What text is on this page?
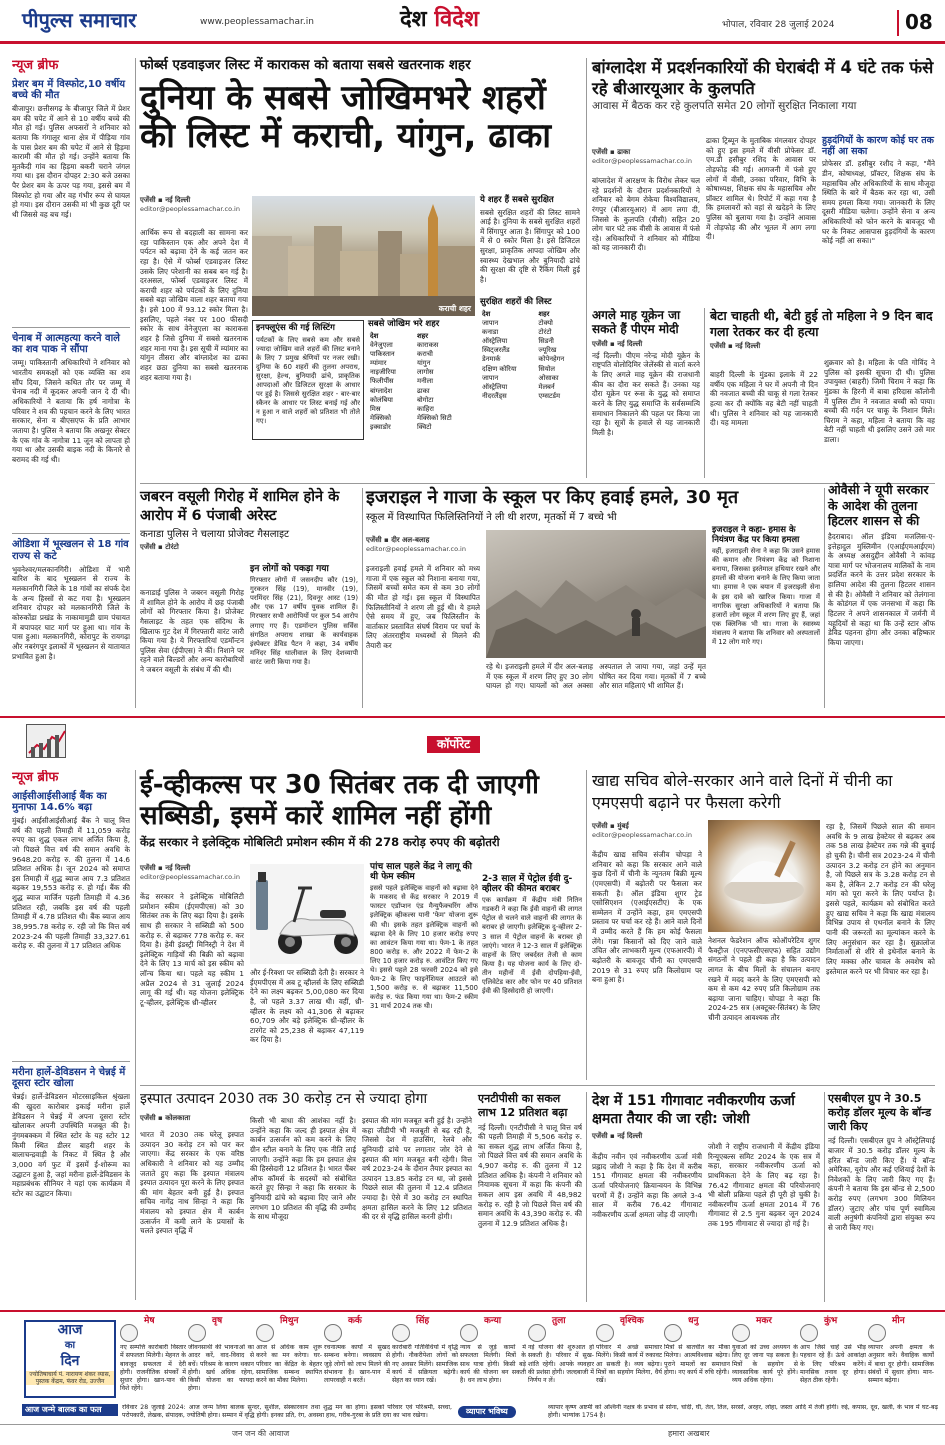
पीपुल्स समाचार	www.peoplessamachar.in	देश विदेश	भोपाल, रविवार 28 जुलाई 2024	08
न्यूज ब्रीफ
प्रेशर बम में विस्फोट,10 वर्षीय बच्चे की मौत
बीजापुर। छत्तीसगढ़ के बीजापुर जिले में प्रेशर बम की चपेट में आने से 10 वर्षीय बच्चे की मौत हो गई। पुलिस अफसरों ने शनिवार को बताया कि गंगालूर थाना क्षेत्र में पीड़िया गांव के पास प्रेशर बम की चपेट में आने से हिड़मा कारामी की मौत हो गई। उन्होंने बताया कि मुतकैदी गांव का हिड़मा बकरी चराने जंगल गया था। इस दौरान दोपहर 2:30 बजे उसका पैर प्रेशर बम के ऊपर पड़ गया, इससे बम में विस्फोट हो गया और वह गंभीर रूप से घायल हो गया। इस दौरान उसकी मां भी कुछ दूरी पर थी जिससे वह बच गई।
चेनाब में आत्महत्या करने वाले का शव पाक ने सौंपा
जम्मू। पाकिस्तानी अधिकारियों ने शनिवार को भारतीय समकक्षों को एक व्यक्ति का शव सौंप दिया, जिसने कथित तौर पर जम्मू में चेनाब नदी में कूदकर अपनी जान दे दी थी। अधिकारियों ने बताया कि हर्ष नागोत्रा के परिवार ने शव की पहचान करने के लिए भारत सरकार, सेना व बीएसएफ के प्रति आभार जताया है। पुलिस ने बताया कि अखनूर सेक्टर के एक गांव के नागोत्रा 11 जून को लापता हो गया था और उसकी बाइक नदी के किनारे से बरामद की गई थी।
ओडिशा में भूस्खलन से 18 गांव राज्य से कटे
भुवनेश्वर/मलकानगिरी। ओडिशा में भारी बारिश के बाद भूस्खलन से राज्य के मलकानगिरी जिले के 18 गांवों का संपर्क देश के अन्य हिस्सों से कट गया है। भूस्खलन शनिवार दोपहर को मलकानगिरी जिले के कोरुकोंडा प्रखंड के नाकामामुडी ग्राम पंचायत में बपापदर घाट मार्ग पर हुआ था। गांव के पास हुआ। मलकानगिरी, कोरापुट के रायगढ़ा और नबरंगपुर इलाकों में भूस्खलन से यातायात प्रभावित हुआ है।
फोर्ब्स एडवाइजर लिस्ट में काराकस को बताया सबसे खतरनाक शहर
दुनिया के सबसे जोखिमभरे शहरों की लिस्ट में कराची, यांगुन, ढाका
एजेंसी ▪ नई दिल्ली
editor@peoplessamachar.co.in
आर्थिक रूप से बदहाली का सामना कर रहा पाकिस्तान एक और अपने देश में पर्यटन को बढ़ावा देने के कई जतन कर रहा है। ऐसे में फोर्ब्स एडवाइजर लिस्ट उसके लिए परेशानी का सबब बन गई है। दरअसल, फोर्ब्स एडवाइजर लिस्ट में कराची शहर को पर्यटकों के लिए दुनिया सबसे बड़ा जोखिम वाला शहर बताया गया है। इसे 100 में 93.12 स्कोर मिला है। इसलिए, पहले नंबर पर 100 फीसदी स्कोर के साथ वेनेजुएला का काराकस शहर है जिसे दुनिया में सबसे खतरनाक शहर माना गया है। इस सूची में म्यांमार का यांगुन तीसरा और बांग्लादेश का ढाका शहर छठा दुनिया का सबसे खतरनाक शहर बताया गया है।
कराची शहर
ये शहर हैं सबसे सुरक्षित
सबसे सुरक्षित शहरों की लिस्ट सामने आई है। दुनिया के सबसे सुरक्षित शहरों में सिंगापुर आता है। सिंगापुर को 100 में से 0 स्कोर मिला है। इसे डिजिटल सुरक्षा, प्राकृतिक आपदा जोखिम और स्वास्थ्य देखभाल और बुनियादी ढांचे की सुरक्षा की दृष्टि से रैंकिंग मिली हुई है।
इनफ्लूएंस की गई लिस्टिंग
पर्यटकों के लिए सबसे कम और सबसे ज्यादा जोखिम वाले शहरों की लिस्ट बनाने के लिए 7 प्रमुख श्रेणियों पर नजर रखी। दुनिया के 60 शहरों की तुलना अपराध, सुरक्षा, हेल्थ, बुनियादी ढांचे, प्राकृतिक आपदाओं और डिजिटल सुरक्षा के आधार पर हुई है। जिससे सुरक्षित शहर - बार-बार स्कैनर के आधार पर लिस्ट बनाई गई और न हुआ न वाले शहरों को प्रतिशत भी तोले गए।
सबसे जोखिम भरे शहर
देश	शहर
वेनेजुएला	काराकस
पाकिस्तान	कराची
म्यांमार	यांगुन
नाइजीरिया	लागोस
फिलीपींस	मनीला
बांग्लादेश	ढाका
कोलंबिया	बोगोटा
मिस्र	काहिरा
मेक्सिको	मेक्सिको सिटी
इक्वाडोर	क्विटो
सुरक्षित शहरों की लिस्ट
देश	शहर
जापान	टोक्यो
कनाडा	टोरंटो
ऑस्ट्रेलिया	सिडनी
स्विट्जरलैंड	ज्यूरिख
डेनमार्क	कोपेनहेगन
दक्षिण कोरिया	सियोल
जापान	ओसाका
ऑस्ट्रेलिया	मेलबर्न
नीदरलैंड्स	एम्सटर्डम
बांग्लादेश में प्रदर्शनकारियों की घेराबंदी में 4 घंटे तक फंसे रहे बीआरयूआर के कुलपति
आवास में बैठक कर रहे कुलपति समेत 20 लोगों सुरक्षित निकाला गया
एजेंसी ▪ ढाका
editor@peoplessamachar.co.in
बांग्लादेश में आरक्षण के विरोध लेकर चल रहे प्रदर्शनों के दौरान प्रदर्शनकारियों ने शनिवार को बेगम रोकेया विश्वविद्यालय, रंगपुर (बीआरयूआर) में आग लगा दी, जिससे के कुलपति (वीसी) सहित 20 लोग चार घंटे तक वीसी के आवास में फंसे रहे। अधिकारियों ने शनिवार को मीडिया को यह जानकारी दी।
ढाका ट्रिब्यून के मुताबिक मंगलवार दोपहर को हुए इस हमले में वीसी प्रोफेसर डॉ. एम.डी हसीबुर रशिद के आवास पर तोड़फोड़ की गई। आगजनी में फंसे हुए लोगों में वीसी, उनका परिवार, विभि के कोषाध्यक्ष, शिक्षक संघ के महासचिव और प्रॉक्टर शामिल थे। रिपोर्ट में कहा गया है कि हमलावरों को वहां से खदेड़ने के लिए पुलिस को बुलाया गया है। उन्होंने आवास में तोड़फोड़ की और भूतल में आग लगा दी।
हुड़दंगियों के कारण कोई घर तक नहीं आ सका
प्रोफेसर डॉ. हसीबुर रशीद ने कहा, "मैंने डीन, कोषाध्यक्ष, प्रॉक्टर, शिक्षक संघ के महासचिव और अधिकारियों के साथ मौजूदा स्थिति के बारे में बैठक कर रहा था, उसी समय हमला किया गया। जानकारी के लिए दूसरी मीडिया चलेगा। उन्होंने सेना व अन्य अधिकारियों को फोन करने के बावजूद भी घर के निकट आसपास हुड़दंगियों के कारण कोई नहीं आ सका।"
अगले माह यूक्रेन जा सकते हैं पीएम मोदी
एजेंसी ▪ नई दिल्ली
नई दिल्ली। पीएम नरेन्द्र मोदी यूक्रेन के राष्ट्रपति वोलोदिमिर जेलेंस्की से वार्ता करने के लिए अगले माह यूक्रेन की राजधानी कीव का दौरा कर सकते हैं। उनका यह दौरा यूक्रेन पर रूस के युद्ध को समाप्त करने के लिए युद्ध समाप्ति के सर्वसम्मत्यि समाधान निकालने की पहल पर किया जा रहा है। सूत्रों के हवाले से यह जानकारी मिली है।
बेटा चाहती थी, बेटी हुई तो महिला ने 9 दिन बाद गला रेतकर कर दी हत्या
एजेंसी ▪ नई दिल्ली
बाहरी दिल्ली के मुंडका इलाके में 22 वर्षीय एक महिला ने घर में अपनी नौ दिन की नवजात बच्ची की चाकू से गला रेतकर हत्या कर दी क्योंकि वह बेटी नहीं चाहती थी। पुलिस ने शनिवार को यह जानकारी दी। यह मामला
शुक्रवार को है। महिला के पति गोविंद ने पुलिस को इसकी सूचना दी थी। पुलिस उपायुक्त (बाहरी) जिमी चिराम ने कहा कि मुंडका के हिरनी में बाबा हरिदास कॉलोनी में पुलिस टीम ने नवजात बच्ची को पाया। बच्ची की गर्दन पर चाकू के निशान मिले। चिराम ने कहा, महिला ने बताया कि वह बेटी नहीं चाहती थी इसलिए उसने उसे मार डाला।
जबरन वसूली गिरोह में शामिल होने के आरोप में 6 पंजाबी अरेस्ट
कनाडा पुलिस ने चलाया प्रोजेक्ट गैसलाइट
एजेंसी ▪ टोरंटो
कनाडाई पुलिस ने जबरन वसूली गिरोह में शामिल होने के आरोप में छह पंजाबी लोगों को गिरफ्तार किया है। प्रोजेक्ट गैसलाइट के तहत एक संदिग्ध के खिलाफ गुट देश में गिरफ्तारी वारंट जारी किया गया है। ये गिरफ्तारियां एडमॉन्टन पुलिस सेवा (ईपीएस) ने कीं। निशाने पर रहने वाले बिल्डरों और अन्य कारोबारियों ने जबरन वसूली के संबंध में की थी।
इन लोगों को पकड़ा गया
गिरफ्तार लोगों में जसनदीप कौर (19), गुरकरन सिंह (19), मानवीर (19), परमिंदर सिंह (21), दिवनूर आस्ट (19) और एक 17 वर्षीय युवक शामिल हैं। गिरफ्तार सभी आरोपियों पर कुल 54 आरोप लगाए गए हैं। एडमॉन्टन पुलिस सर्विस संगठित अपराध शाखा के कार्यवाहक इंस्पेक्टर डेविड पैटन ने कहा, 34 वर्षीय मनिंदर सिंह धालीवाल के लिए देशव्यापी वारंट जारी किया गया है।
इजराइल ने गाजा के स्कूल पर किए हवाई हमले, 30 मृत
स्कूल में विस्थापित फिलिस्तिनियों ने ली थी शरण, मृतकों में 7 बच्चे भी
एजेंसी ▪ दीर अल-बलाह
editor@peoplessamachar.co.in
इजराइली हवाई हमले में शनिवार को मध्य गाजा में एक स्कूल को निशाना बनाया गया, जिसमें बच्चों समेत कम से कम 30 लोगों की मौत हो गई। इस स्कूल में विस्थापित फिलिस्तीनियों ने शरण ली हुई थी। ये हमले ऐसे समय में हुए, जब फिलिस्तीन के वार्ताकार प्रस्तावित संघर्ष विराम पर चर्चा के लिए अंतरराष्ट्रीय मध्यस्थों से मिलने की तैयारी कर
रहे थे। इजराइली हमले में दीर अल-बलाह में एक स्कूल में शरण लिए हुए 30 लोग घायल हो गए। घायलों को अल अक्सा अस्पताल ले जाया गया, जहां उन्हें मृत घोषित कर दिया गया। मृतकों में 7 बच्चे और सात महिलाएं भी शामिल हैं।
इजराइल ने कहा- हमास के नियंत्रण केंद्र पर किया हमला
वहीं, इजराइली सेना ने कहा कि उसने हमास की कमान और नियंत्रण केंद्र को निशाना बनाया, जिसका इस्तेमाल हथियार रखने और हमलों की योजना बनाने के लिए किया जाता था। हमास ने एक बयान में इजराइली सेना के इस दावे को खारिज किया। गाजा में नागरिक सुरक्षा अधिकारियों ने बताया कि हजारों लोग स्कूल में शरण लिए हुए हैं, जहां एक क्लिनिक भी था। गाजा के स्वास्थ्य मंत्रालय ने बताया कि शनिवार को अस्पतालों में 12 लोग मारे गए।
ओवैसी ने यूपी सरकार के आदेश की तुलना हिटलर शासन से की
हैदराबाद। ऑल इंडिया मजलिस-ए-इत्तेहादुल मुस्लिमीन (एआईएमआईएम) के अध्यक्ष असदुद्दीन ओवैसी ने कांवड़ यात्रा मार्ग पर भोजनालय मालिकों के नाम प्रदर्शित करने के उत्तर प्रदेश सरकार के हालिया आदेश की तुलना हिटलर शासन से की है। ओवैसी ने शनिवार को तेलंगाना के कोडंगल में एक जनसभा में कहा कि हिटलर ने अपने शासनकाल में जर्मनी में यहूदियों से कहा था कि उन्हें स्टार ऑफ डेविड पहनना होगा और उनका बहिष्कार किया जाएगा।
कॉर्पोरेट
न्यूज ब्रीफ
आईसीआईसीआई बैंक का मुनाफा 14.6% बढ़ा
मुंबई। आईसीआईसीआई बैंक ने चालू वित्त वर्ष की पहली तिमाही में 11,059 करोड़ रुपए का शुद्ध एकल लाभ अर्जित किया है, जो पिछले वित्त वर्ष की समान अवधि के 9648.20 करोड़ रु. की तुलना में 14.6 प्रतिशत अधिक है। जून 2024 को समाप्त इस तिमाही में शुद्ध ब्याज आय 7.3 प्रतिशत बढ़कर 19,553 करोड़ रु. हो गई। बैंक की शुद्ध ब्याज मार्जिन पहली तिमाही में 4.36 प्रतिशत रही, जबकि इस वर्ष की पहली तिमाही में 4.78 प्रतिशत थी। बैंक ब्याज आय 38,995.78 करोड़ रु. रही जो कि वित्त वर्ष 2023-24 की पहली तिमाही 33,327.61 करोड़ रु. की तुलना में 17 प्रतिशत अधिक
मरीना हार्ले-डेविडसन ने चेन्नई में दूसरा स्टोर खोला
चेन्नई। हार्ले-डेविडसन मोटरसाइकिल श्रृंखला की खुदरा कारोबार इकाई मरीना हार्ले डेविडसन ने चेन्नई में अपना दूसरा स्टोर खोलाकर अपनी उपस्थिति मजबूत की है। नुंगमबक्कम में स्थित स्टोर के यह स्टोर 12 किमी स्थित डीलर बाहरी शहर के बालाचन्द्रवाड़ी के निकट में स्थित है और 3,000 वर्ग फुट में इसमें ई-शोरूम का उद्घाटन हुआ है, जहां मरीना हार्ले-डेविडसन के महाप्रबंधक सीनियर ने यहां एक कार्यक्रम में स्टोर का उद्घाटन किया।
ई-व्हीकल्स पर 30 सितंबर तक दी जाएगी सब्सिडी, इसमें कारें शामिल नहीं होंगी
केंद्र सरकार ने इलेक्ट्रिक मोबिलिटी प्रमोशन स्कीम में की 278 करोड़ रुपए की बढ़ोतरी
एजेंसी ▪ नई दिल्ली
editor@peoplessamachar.co.in
केंद्र सरकार ने इलेक्ट्रिक मोबिलिटी प्रमोशन स्कीम (ईएमपीएस) को 30 सितंबर तक के लिए बढ़ा दिया है। इसके साथ ही सरकार ने सब्सिडी को 500 करोड़ रु. से बढ़ाकर 778 करोड़ रु. कर दिया है। हेवी इंडस्ट्री मिनिस्ट्री ने देश में इलेक्ट्रिक गाड़ियों की बिक्री को बढ़ावा देने के लिए 13 मार्च को इस स्कीम को लॉन्च किया था। पहले यह स्कीम 1 अप्रैल 2024 से 31 जुलाई 2024 लागू की गई थी। यह योजना इलेक्ट्रिक टू-व्हीलर, इलेक्ट्रिक थ्री-व्हीलर
और ई-रिक्शा पर सब्सिडी देती है। सरकार ने ईएमपीएस में अब टू व्हीलर्स के लिए सब्सिडी देने का लक्ष्य बढ़कर 5,00,080 कर दिया है, जो पहले 3.37 लाख थी। वहीं, थ्री-व्हीलर के लक्ष्य को 41,306 से बढ़ाकर 60,709 और बड़े इलेक्ट्रिक थ्री-व्हीलर के टारगेट को 25,238 से बढ़ाकर 47,119 कर दिया है।
पांच साल पहले केंद्र ने लागू की थी फेम स्कीम
इससे पहले इलेक्ट्रिक वाहनों को बढ़ावा देने के मकसद से केंद्र सरकार ने 2019 में फास्टर एडॉप्शन एंड मैन्युफैक्चरिंग ऑफ इलेक्ट्रिक व्हीकल्स यानी 'फेम' योजना शुरू की थी। इसके तहत इलेक्ट्रिक वाहनों को बढ़ावा देने के लिए 10 हजार करोड़ रुपए का आवंटन किया गया था। फेम-1 के तहत 800 करोड़ रु. और 2022 में फेम-2 के लिए 10 हजार करोड़ रु. आवंटित किए गए थे। इससे पहले 28 फरवरी 2024 को इसे फेम-2 के लिए फाइनेंशियल आउटले को 1,500 करोड़ रु. से बढ़ाकर 11,500 करोड़ रु. फंड किया गया था। फेम-2 स्कीम 31 मार्च 2024 तक थी।
2-3 साल में पेट्रोल ईवी दु-व्हीलर की कीमत बराबर
एक कार्यक्रम में केंद्रीय मंत्री नितिन गडकरी ने कहा कि ईवी वाहनों की लागत पेट्रोल से चलने वाले वाहनों की लागत के बराबर हो जाएगी। इलेक्ट्रिक दु-व्हीलर 2-3 साल में पेट्रोल वाहनों के बराबर हो जाएंगे। भारत ने 12-3 साल में इलेक्ट्रिक वाहनों के लिए जबर्दस्त तेजी से काम किया है। यह योजना कार्य के लिए दो-तीन महीनों में ईवी दोपहिया-ईवी, एलिवेटेड कार और फोन पर 40 प्रतिशत ईवी की हिस्सेदारी हो जाएगी।
खाद्य सचिव बोले-सरकार आने वाले दिनों में चीनी का एमएसपी बढ़ाने पर फैसला करेगी
एजेंसी ▪ मुंबई
editor@peoplessamachar.co.in
केंद्रीय खाद्य सचिव संजीव चोपड़ा ने शनिवार को कहा कि सरकार आने वाले कुछ दिनों में चीनी के न्यूनतम बिक्री मूल्य (एमएसपी) में बढ़ोतरी पर फैसला कर सकती है। ऑल इंडिया शुगर ट्रेड एसोसिएशन (एआईएसटीए) के एक सम्मेलन में उन्होंने कहा, हम एमएसपी प्रस्ताव पर चर्चा कर रहे हैं। आने वाले दिनों में उम्मीद करते हैं कि हम कोई फैसला लेंगे। गन्ना किसानों को दिए जाने वाले उचित और लाभकारी मूल्य (एफआरपी) में बढ़ोतरी के बावजूद चीनी का एमएसपी 2019 से 31 रुपए प्रति किलोग्राम पर बना हुआ है।
नेशनल फेडरेशन ऑफ कोऑपरेटिव शुगर फैक्ट्रीज (एनएफसीएसएफ) सहित उद्योग संगठनों ने पहले ही कहा है कि उत्पादन लागत के बीच मिलों के संचालन बनाए रखने में मदद करने के लिए एमएसपी को कम से कम 42 रुपए प्रति किलोग्राम तक बढ़ाया जाना चाहिए। चोपड़ा ने कहा कि 2024-25 सत्र (अक्टूबर-सितंबर) के लिए चीनी उत्पादन आवश्यक तौर
रहा है, जिसमें पिछले साल की समान अवधि के 9 लाख हेक्टेयर से बढ़कर अब तक 58 लाख हेक्टेयर तक गन्ने की बुवाई हो चुकी है। चीनी सत्र 2023-24 में चीनी उत्पादन 3.2 करोड़ टन होने का अनुमान है, जो पिछले सत्र के 3.28 करोड़ टन से कम है, लेकिन 2.7 करोड़ टन की घरेलू मांग को पूरा करने के लिए पर्याप्त है। इससे पहले, कार्यक्रम को संबोधित करते हुए खाद्य सचिव ने कहा कि खाद्य मंत्रालय विभिन्न उपाय से एथनॉल बनाने के लिए पानी की जरूरतों का मूल्यांकन करने के लिए अनुसंधान कर रहा है। सुक्रालोज निर्माताओं से शीरे से इथेनॉल बनाने के लिए मक्का और चावल के अवशेष को इस्तेमाल करने पर भी विचार कर रहा है।
इस्पात उत्पादन 2030 तक 30 करोड़ टन से ज्यादा होगा
एजेंसी ▪ कोलकाता
भारत में 2030 तक घरेलू इस्पात उत्पादन 30 करोड़ टन को पार कर जाएगा। केंद्र सरकार के एक वरिष्ठ अधिकारी ने शनिवार को यह उम्मीद जताते हुए कहा कि इस्पात मंत्रालय इस्पात उत्पादन पूरा करने के लिए इस्पात की मांग बेहतर बनी हुई है। इस्पात सचिव नागेंद्र नाथ सिन्हा ने कहा कि मंत्रालय को इस्पात क्षेत्र में कार्बन उत्सर्जन में कमी लाने के प्रयासों के चलते इस्पात वृद्धि में
किसी भी बाधा की आशंका नहीं है। उन्होंने कहा कि जल्द ही इस्पात क्षेत्र में कार्बन उत्सर्जन को कम करने के लिए ग्रीन स्टील बनाने के लिए एक नीति लाई जाएगी। उन्होंने कहा कि हम इस्पात क्षेत्र की हिस्सेदारी 12 प्रतिशत है। भारत चैंबर ऑफ कॉमर्स के सदस्यों को संबोधित करते हुए सिन्हा ने कहा कि सरकार के बुनियादी ढांचे को बढ़ावा दिए जाने और लगभग 10 प्रतिशत की वृद्धि की उम्मीद के साथ मौजूदा
इस्पात की मांग मजबूत बनी हुई है। उन्होंने कहा जीडीपी भी मजबूती से बढ़ रही है, जिससे देश में हाउसिंग, रेलवे और बुनियादी ढांचे पर लगातार जोर देने से इस्पात की मांग मजबूत बनी रहेगी। वित्त वर्ष 2023-24 के दौरान तैयार इस्पात का उत्पादन 13.85 करोड़ टन था, जो इससे पिछले साल की तुलना में 12.4 प्रतिशत ज्यादा है। ऐसे में 30 करोड़ टन स्थापित क्षमता हासिल करने के लिए 12 प्रतिशत की दर से वृद्धि हासिल करनी होगी।
एनटीपीसी का सकल लाभ 12 प्रतिशत बढ़ा
नई दिल्ली। एनटीपीसी ने चालू वित्त वर्ष की पहली तिमाही में 5,506 करोड़ रु. का सकल शुद्ध लाभ अर्जित किया है, जो पिछले वित्त वर्ष की समान अवधि के 4,907 करोड़ रु. की तुलना में 12 प्रतिशत अधिक है। कंपनी ने शनिवार को नियामक सूचना में कहा कि कंपनी की सकल आय इस अवधि में 48,982 करोड़ रु. रही है जो पिछले वित्त वर्ष की समान अवधि के 43,390 करोड़ रु. की तुलना में 12.9 प्रतिशत अधिक है।
देश में 151 गीगावाट नवीकरणीय ऊर्जा क्षमता तैयार की जा रही: जोशी
एजेंसी ▪ नई दिल्ली
केंद्रीय नवीन एवं नवीकरणीय ऊर्जा मंत्री प्रह्लाद जोशी ने कहा है कि देश में करीब 151 गीगावाट क्षमता की नवीकरणीय ऊर्जा परियोजनाएं क्रियान्वयन के विभिन्न चरणों में हैं। उन्होंने कहा कि अगले 3-4 साल में करीब 76.42 गीगावाट नवीकरणीय ऊर्जा क्षमता जोड़ दी जाएगी।
जोशी ने राष्ट्रीय राजधानी में केंद्रीय इंडिया रिन्यूएबल्स समिट 2024 के एक सत्र में कहा, सरकार नवीकरणीय ऊर्जा को प्राथमिकता देने के लिए बढ़ रहा है। 76.42 गीगावाट क्षमता की परियोजनाएं भी बोली प्रक्रिया पहले ही पूरी हो चुकी है। नवीकरणीय ऊर्जा क्षमता 2014 में 76 गीगावाट से 2.5 गुना बढ़कर जून 2024 तक 195 गीगावाट से ज्यादा हो गई है।
एसबीएल ग्रुप ने 30.5 करोड़ डॉलर मूल्य के बॉन्ड जारी किए
नई दिल्ली। एसबीएल ग्रुप ने ऑस्ट्रेलियाई बाजार में 30.5 करोड़ डॉलर मूल्य के हरित बॉन्ड जारी किए हैं। ये बॉन्ड अमेरिका, यूरोप और कई एशियाई देशों के निवेशकों के लिए जारी किए गए हैं। कंपनी ने बताया कि इस बॉन्ड से 2,500 करोड़ रुपए (लगभग 300 मिलियन डॉलर) जुटाए और पांच पूर्ण स्वामित्व वाली अनुषंगी कंपनियों द्वारा संयुक्त रूप से जारी किए गए।
आज
का
दिन
ज्योतिषाचार्य पं. नारायण शंकर व्यास, पुस्तक केंद्रम, फंवर रोड, उज्जैन
मेष
नए सम्पत्ति कारोबारी विस्तार में सफलता मिलेगी। मेहनत के बावजूद सफलता में देरी होगी। राजनीतिक संपर्कों में सुधार होगा। खान-पान की विशे रहेंगे।
वृष
जीवनसाथी की भावनाओं का आदर करें, वाद-विवाद से बचें। परिश्रम के कारण थकान होगी। खर्च अधिक रहेगा, किसी योजना का फायदा होगा।
मिथुन
आज से अधिक काम शुरू करने का मन करेगा। घर-परिवार का केंद्रित के बेहतर सामाजिक सम्बन्ध स्थापित करने का मौका मिलेगा।
कर्क
रचनात्मक कार्यों में सुखद सम्बन्ध बनेगा। व्यवसाय से जुड़े लोगों को लाभ मिलने की संभावना है। खान-पान में लापरवाही न बरतें।
सिंह
कारोबारी गतिविधियों में वृद्धि होगी। नौकरीपेशा लोगों को नए अवसर मिलेंगे। सामाजिक कार्य में सक्रियता बढ़ेगी। सेहत का ध्यान रखें।
कन्या
न्याय से जुड़े कामों में सफलता मिलेगी। मित्रों के साथ यात्रा होगी। किसी बड़े कार्य की योजना बन सकती है। धन लाभ होगा।
तुला
नई योजना की शुरुआत हो सकती है। परिवार में सुख-शांति रहेगी। आपके व्यवहार की प्रशंसा होगी। जल्दबाजी में निर्णय न लें।
वृश्चिक
परिवार में अच्छे समाचार मिलेंगे। किसी कार्य में रुकावट आ सकती है। व्यय बढ़ेगा। मित्रों का सहयोग मिलेगा, धैर्य रखें।
धनु
मित्रों से बातचीत का मौका मिलेगा। आत्मविश्वास बढ़ेगा। पुराने मामलों का समाधान होगा। नए कार्य में रुचि रहेगी।
मकर
युवाओं को उच्च अध्ययन के लिए दूर जाना पड़ सकता है। मित्रों के सहयोग से व्यावसायिक कार्य पूरे होंगे। व्यय अधिक रहेगा।
कुंभ
आप जिसे चाहें उसे भीड़ पहचान रहे हैं। ऊंचे आकांक्षा के लिए परिश्रम करेंगे। मानसिक तनाव दूर होगा। सेहत ठीक रहेगी।
मीन
व्यापार अपनी क्षमता के अनुसार करें। वैवाहिक कार्यों में बाधा दूर होगी। सामाजिक संबंधों में सुधार होगा। मान-सम्मान बढ़ेगा।
आज जन्मे बालक का फल	रविवार 28 जुलाई 2024: आज जन्म लिया बालक सुन्दर, सुशील, संस्कारवान तथा शुद्ध मन का होगा। इसको परिवार एवं परिश्रमी, सच्चा, परोपकारी, लेखक, संपादक, ज्योतिषी होगा। सम्मान में वृद्धि होगी। इनका प्रति, रंग, अवस्था हाथ, गरीब-गुरबा के प्रति दया का भाव रखेगा।	व्यापार भविष्य	व्यापार कृष्ण अष्टमी को अश्विनी नक्षत्र के प्रभाव से सोना, चांदी, घी, तेल, तिल, सरसों, अरहर, लोहा, जस्ता आदि में तेजी होगी। रुई, कपास, दूध, खली, के भाव में घट-बढ़ होगी। भाग्यांक 1754 है।
जन जन की आवाज	हमारा अखबार
